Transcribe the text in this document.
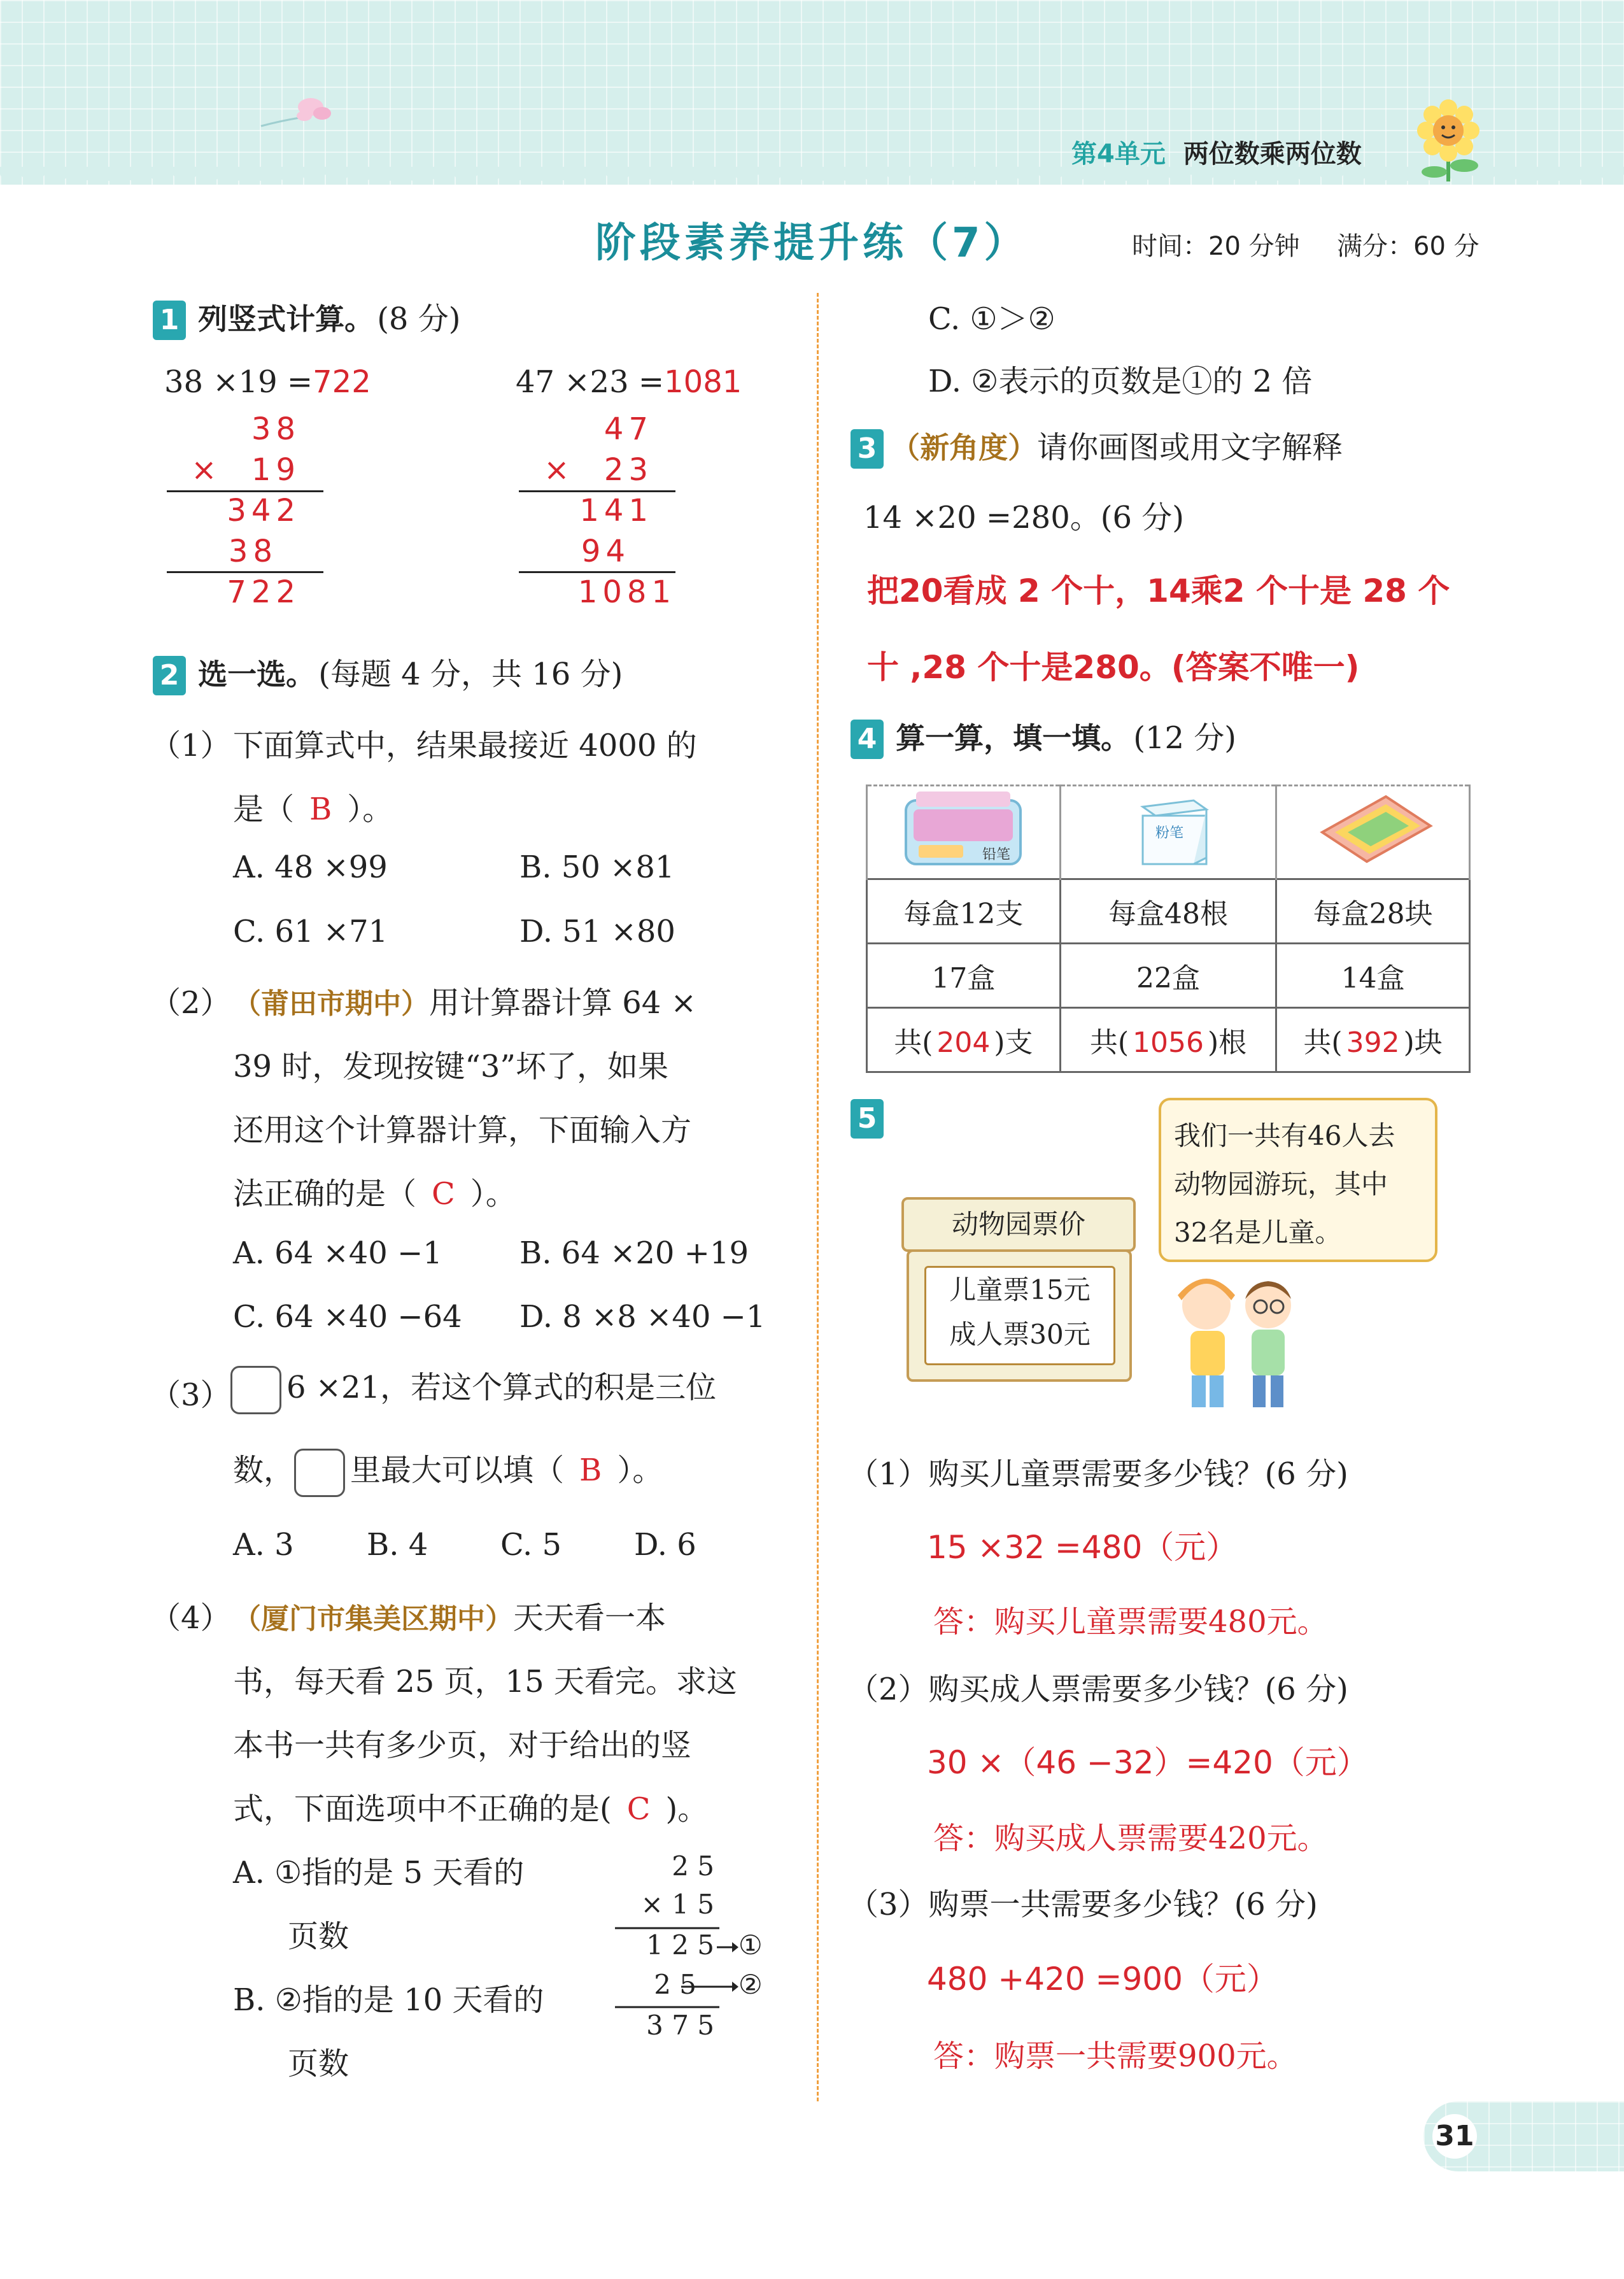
第4单元 两位数乘两位数
阶段素养提升练（7）	时间：20 分钟 满分：60 分
1 列竖式计算。 (8 分)
38 ×19 =722
38
×  19
342
38
722
47 ×23 =1081
47
×  23
141
94
1081
2 选一选。 (每题 4 分，共 16 分)
（1） 下面算式中，结果最接近 4000 的
是（ B ）。
A. 48 ×99	B. 50 ×81
C. 61 ×71	D. 51 ×80
（2） （莆田市期中）用计算器计算 64 ×
39 时，发现按键“3”坏了，如果
还用这个计算器计算，下面输入方
法正确的是（ C ）。
A. 64 ×40 −1	B. 64 ×20 +19
C. 64 ×40 −64 D. 8 ×8 ×40 −1
（3）	6 ×21，若这个算式的积是三位
数， 里最大可以填（ B ）。
A. 3 B. 4 C. 5 D. 6
（4） （厦门市集美区期中）天天看一本
书，每天看 25 页，15 天看完。求这
本书一共有多少页，对于给出的竖
式，下面选项中不正确的是( C )。
A. ①指的是 5 天看的
页数
B. ②指的是 10 天看的
页数
2 5
× 1 5
1 2 5
2 5
3 7 5
①
②
C. ①＞②
D. ②表示的页数是①的 2 倍
3 （新角度）请你画图或用文字解释
14 ×20 =280。(6 分)
把20看成 2 个十，14乘2 个十是 28 个
十 ,28 个十是280。(答案不唯一)
4 算一算，填一填。 (12 分)
铅笔	粉笔

每盒12支	每盒48根	每盒28块
17盒	22盒	14盒
共( 204 )支	共( 1056 )根	共( 392 )块
5
动物园票价
儿童票15元
成人票30元
我们一共有46人去
动物园游玩，其中
32名是儿童。
（1）购买儿童票需要多少钱？(6 分)
15 ×32 =480（元）
答：购买儿童票需要480元。
（2）购买成人票需要多少钱？(6 分)
30 ×（46 −32）=420（元）
答：购买成人票需要420元。
（3）购票一共需要多少钱？(6 分)
480 +420 =900（元）
答：购票一共需要900元。
31
